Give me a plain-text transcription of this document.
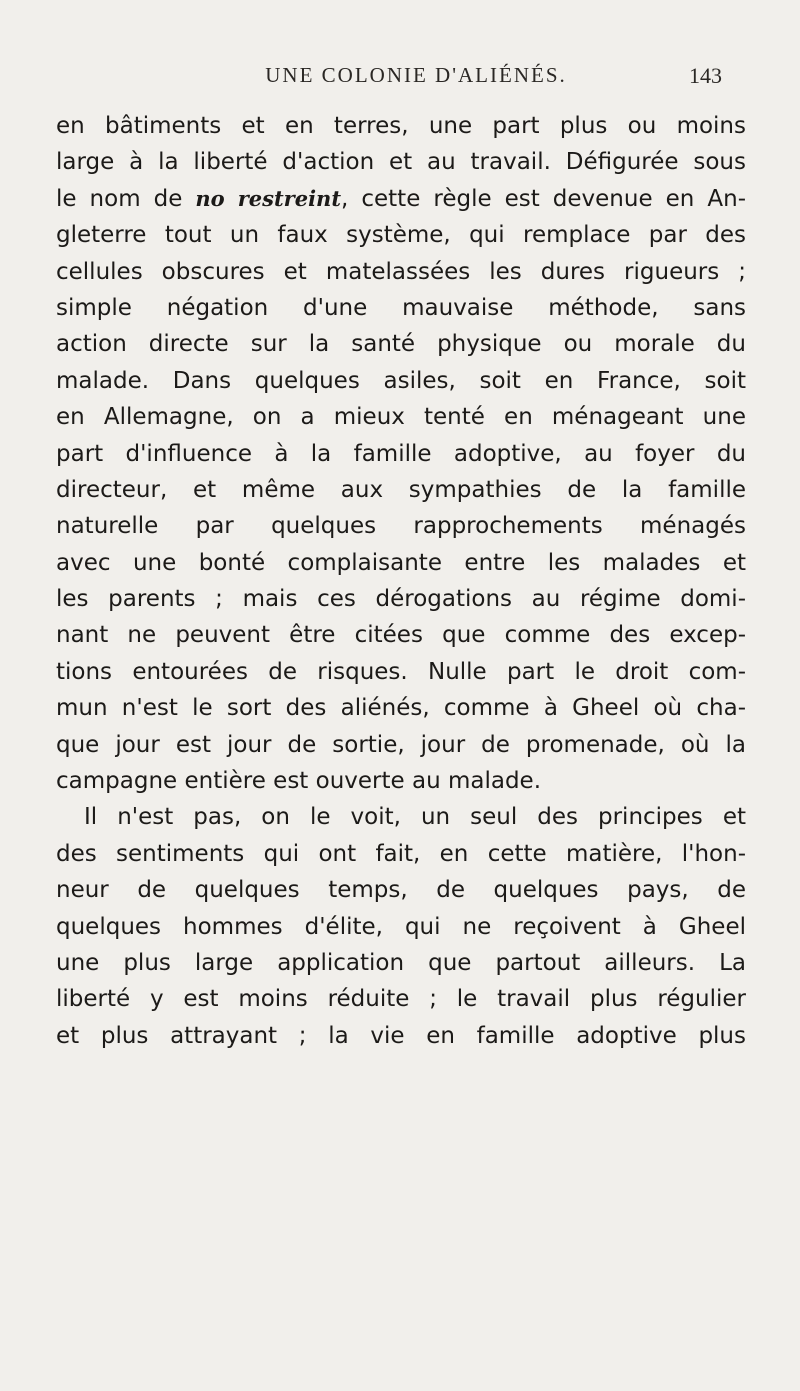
UNE COLONIE D'ALIÉNÉS.	143
en bâtiments et en terres, une part plus ou moins
large à la liberté d'action et au travail. Défigurée sous
le nom de no restreint, cette règle est devenue en An-
gleterre tout un faux système, qui remplace par des
cellules obscures et matelassées les dures rigueurs ;
simple négation d'une mauvaise méthode, sans
action directe sur la santé physique ou morale du
malade. Dans quelques asiles, soit en France, soit
en Allemagne, on a mieux tenté en ménageant une
part d'influence à la famille adoptive, au foyer du
directeur, et même aux sympathies de la famille
naturelle par quelques rapprochements ménagés
avec une bonté complaisante entre les malades et
les parents ; mais ces dérogations au régime domi-
nant ne peuvent être citées que comme des excep-
tions entourées de risques. Nulle part le droit com-
mun n'est le sort des aliénés, comme à Gheel où cha-
que jour est jour de sortie, jour de promenade, où la
campagne entière est ouverte au malade.
Il n'est pas, on le voit, un seul des principes et
des sentiments qui ont fait, en cette matière, l'hon-
neur de quelques temps, de quelques pays, de
quelques hommes d'élite, qui ne reçoivent à Gheel
une plus large application que partout ailleurs. La
liberté y est moins réduite ; le travail plus régulier
et plus attrayant ; la vie en famille adoptive plus
